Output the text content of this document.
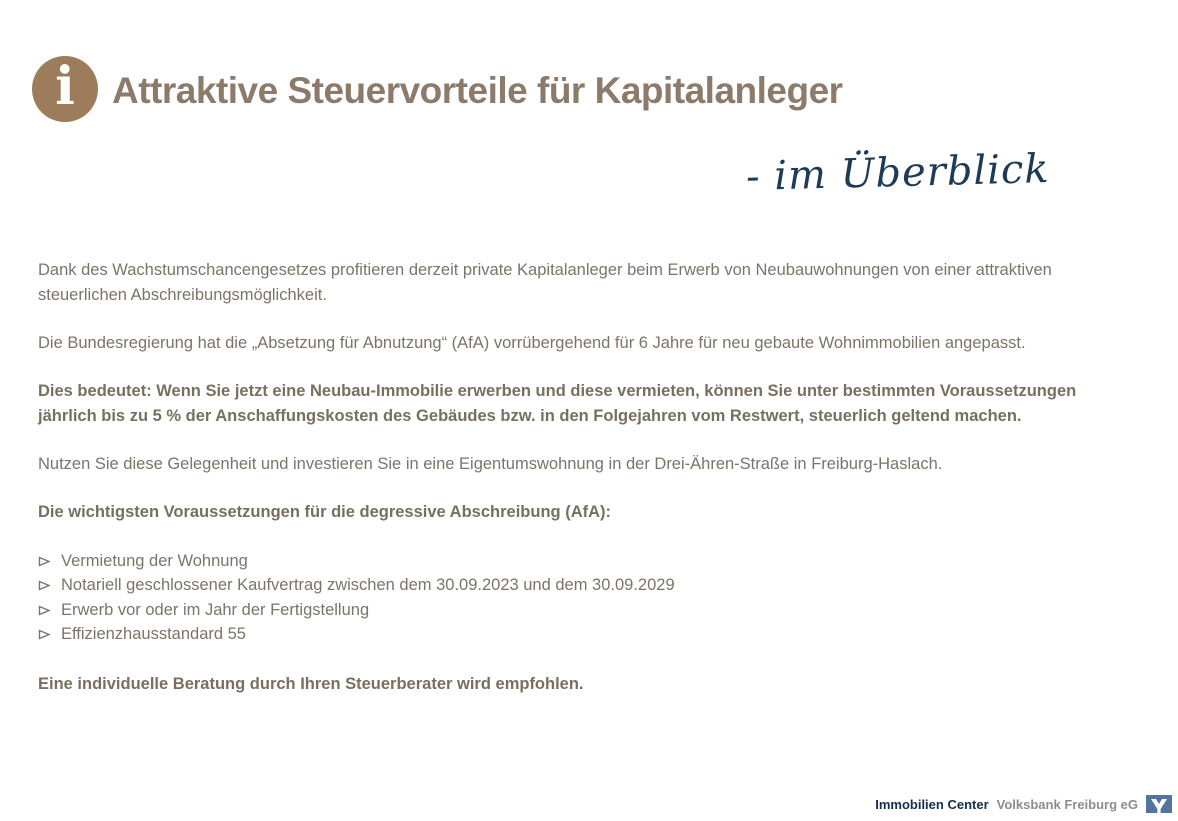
i Attraktive Steuervorteile für Kapitalanleger
- im Überblick

Dank des Wachstumschancengesetzes profitieren derzeit private Kapitalanleger beim Erwerb von Neubauwohnungen von einer attraktiven steuerlichen Abschreibungsmöglichkeit.

Die Bundesregierung hat die „Absetzung für Abnutzung“ (AfA) vorrübergehend für 6 Jahre für neu gebaute Wohnimmobilien angepasst.

Dies bedeutet: Wenn Sie jetzt eine Neubau-Immobilie erwerben und diese vermieten, können Sie unter bestimmten Voraussetzungen jährlich bis zu 5 % der Anschaffungskosten des Gebäudes bzw. in den Folgejahren vom Restwert, steuerlich geltend machen.

Nutzen Sie diese Gelegenheit und investieren Sie in eine Eigentumswohnung in der Drei-Ähren-Straße in Freiburg-Haslach.

Die wichtigsten Voraussetzungen für die degressive Abschreibung (AfA):

Vermietung der Wohnung
Notariell geschlossener Kaufvertrag zwischen dem 30.09.2023 und dem 30.09.2029
Erwerb vor oder im Jahr der Fertigstellung
Effizienzhausstandard 55

Eine individuelle Beratung durch Ihren Steuerberater wird empfohlen.

Immobilien Center Volksbank Freiburg eG
